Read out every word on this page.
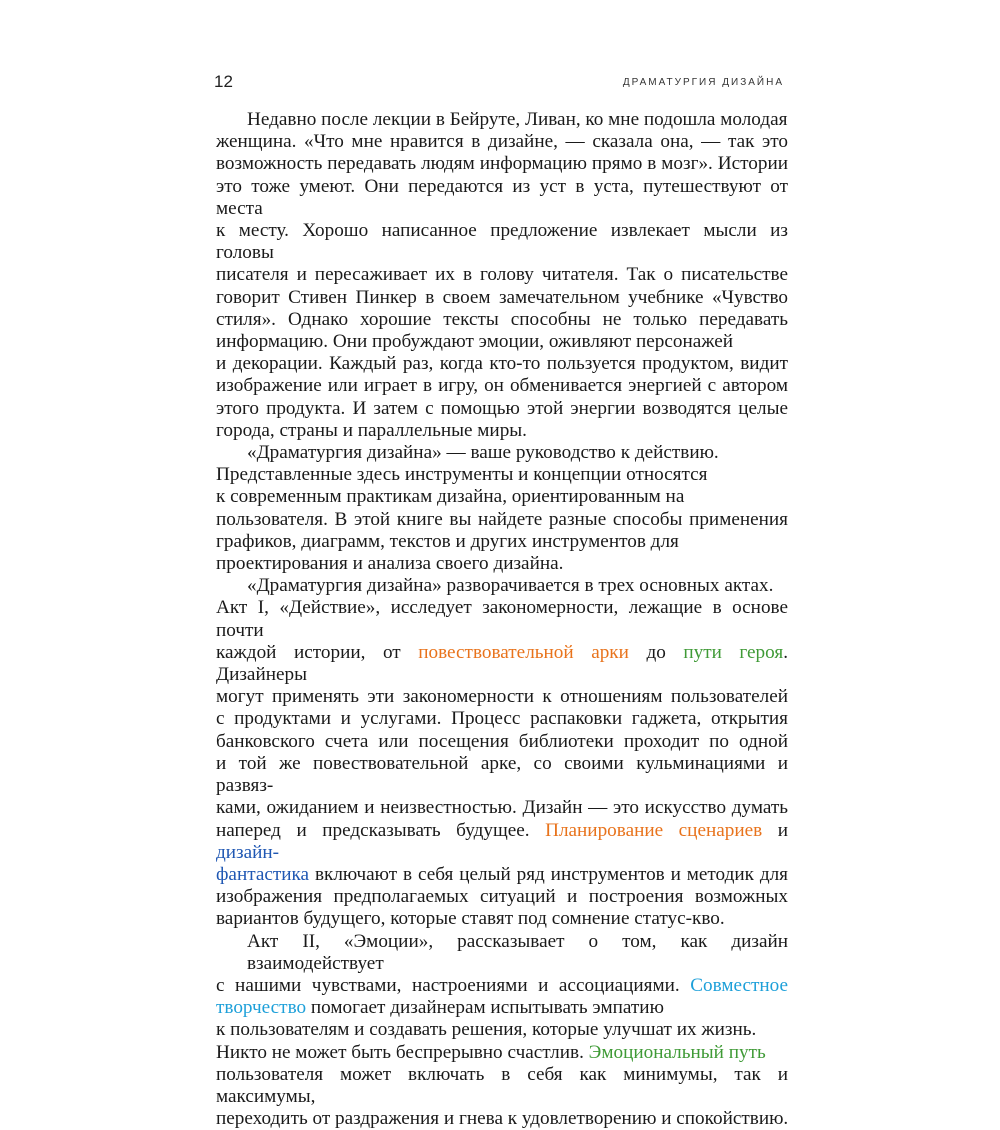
12	ДРАМАТУРГИЯ ДИЗАЙНА

Недавно после лекции в Бейруте, Ливан, ко мне подошла молодая
женщина. «Что мне нравится в дизайне, — сказала она, — так это
возможность передавать людям информацию прямо в мозг». Истории
это тоже умеют. Они передаются из уст в уста, путешествуют от места
к месту. Хорошо написанное предложение извлекает мысли из головы
писателя и пересаживает их в голову читателя. Так о писательстве
говорит Стивен Пинкер в своем замечательном учебнике «Чувство
стиля». Однако хорошие тексты способны не только передавать
информацию. Они пробуждают эмоции, оживляют персонажей
и декорации. Каждый раз, когда кто-то пользуется продуктом, видит
изображение или играет в игру, он обменивается энергией с автором
этого продукта. И затем с помощью этой энергии возводятся целые
города, страны и параллельные миры.

«Драматургия дизайна» — ваше руководство к действию.
Представленные здесь инструменты и концепции относятся
к современным практикам дизайна, ориентированным на
пользователя. В этой книге вы найдете разные способы применения
графиков, диаграмм, текстов и других инструментов для
проектирования и анализа своего дизайна.

«Драматургия дизайна» разворачивается в трех основных актах.
Акт I, «Действие», исследует закономерности, лежащие в основе почти
каждой истории, от повествовательной арки до пути героя. Дизайнеры
могут применять эти закономерности к отношениям пользователей
с продуктами и услугами. Процесс распаковки гаджета, открытия
банковского счета или посещения библиотеки проходит по одной
и той же повествовательной арке, со своими кульминациями и развяз-
ками, ожиданием и неизвестностью. Дизайн — это искусство думать
наперед и предсказывать будущее. Планирование сценариев и дизайн-
фантастика включают в себя целый ряд инструментов и методик для
изображения предполагаемых ситуаций и построения возможных
вариантов будущего, которые ставят под сомнение статус-кво.

Акт II, «Эмоции», рассказывает о том, как дизайн взаимодействует
с нашими чувствами, настроениями и ассоциациями. Совместное
творчество помогает дизайнерам испытывать эмпатию
к пользователям и создавать решения, которые улучшат их жизнь.
Никто не может быть беспрерывно счастлив. Эмоциональный путь
пользователя может включать в себя как минимумы, так и максимумы,
переходить от раздражения и гнева к удовлетворению и спокойствию.
